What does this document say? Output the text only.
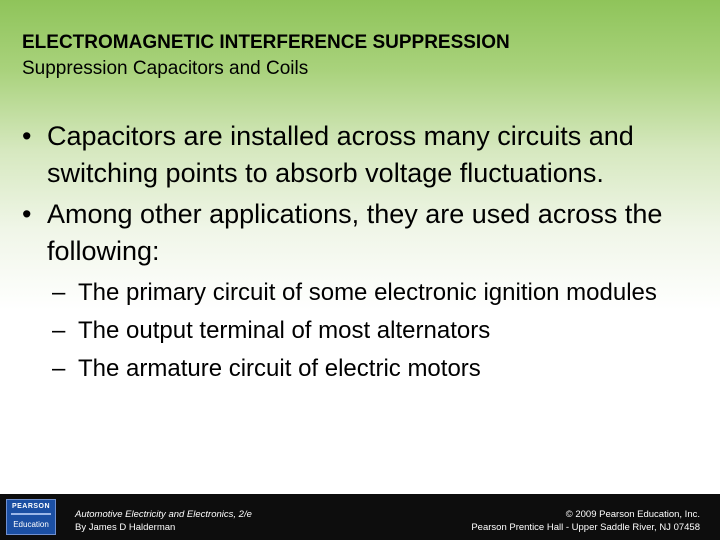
ELECTROMAGNETIC INTERFERENCE SUPPRESSION
Suppression Capacitors and Coils
• Capacitors are installed across many circuits and switching points to absorb voltage fluctuations.
• Among other applications, they are used across the following:
– The primary circuit of some electronic ignition modules
– The output terminal of most alternators
– The armature circuit of electric motors
PEARSON
Education
Automotive Electricity and Electronics, 2/e
By James D Halderman
© 2009 Pearson Education, Inc.
Pearson Prentice Hall - Upper Saddle River, NJ 07458
